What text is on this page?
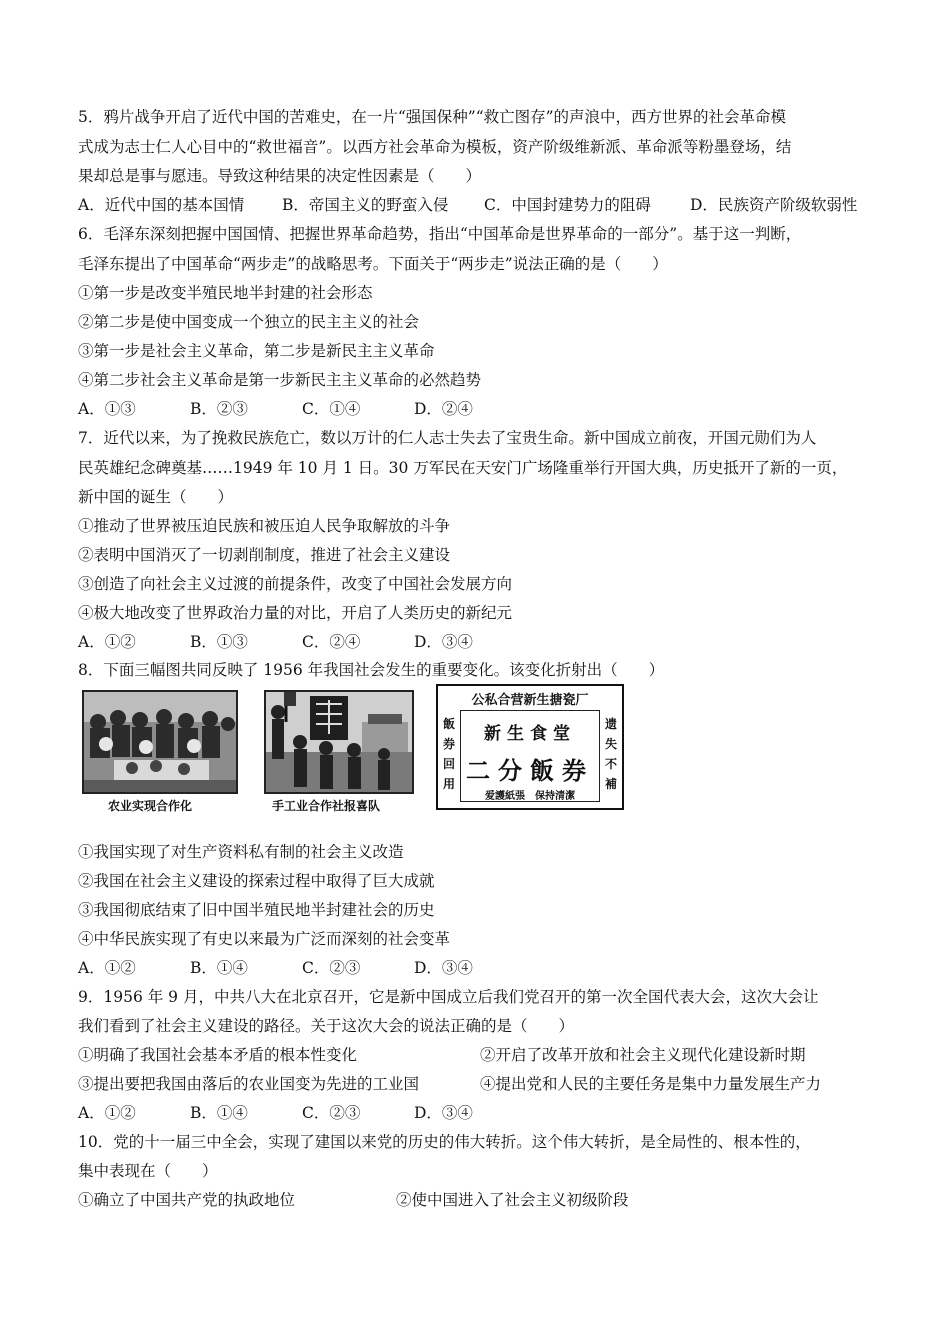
5．鸦片战争开启了近代中国的苦难史，在一片“强国保种”“救亡图存”的声浪中，西方世界的社会革命模
式成为志士仁人心目中的“救世福音”。以西方社会革命为模板，资产阶级维新派、革命派等粉墨登场，结
果却总是事与愿违。导致这种结果的决定性因素是（　　）
A．近代中国的基本国情 B．帝国主义的野蛮入侵 C．中国封建势力的阻碍	D．民族资产阶级软弱性
6．毛泽东深刻把握中国国情、把握世界革命趋势，指出“中国革命是世界革命的一部分”。基于这一判断，
毛泽东提出了中国革命“两步走”的战略思考。下面关于“两步走”说法正确的是（　　）
①第一步是改变半殖民地半封建的社会形态
②第二步是使中国变成一个独立的民主主义的社会
③第一步是社会主义革命，第二步是新民主主义革命
④第二步社会主义革命是第一步新民主主义革命的必然趋势
A．①③	B．②③	C．①④	D．②④
7．近代以来，为了挽救民族危亡，数以万计的仁人志士失去了宝贵生命。新中国成立前夜，开国元勋们为人
民英雄纪念碑奠基……1949 年 10 月 1 日。30 万军民在天安门广场隆重举行开国大典，历史抵开了新的一页，
新中国的诞生（　　）
①推动了世界被压迫民族和被压迫人民争取解放的斗争
②表明中国消灭了一切剥削制度，推进了社会主义建设
③创造了向社会主义过渡的前提条件，改变了中国社会发展方向
④极大地改变了世界政治力量的对比，开启了人类历史的新纪元
A．①②	B．①③	C．②④	D．③④
8．下面三幅图共同反映了 1956 年我国社会发生的重要变化。该变化折射出（　　）
农业实现合作化	手工业合作社报喜队
公私合营新生搪瓷厂
飯券回用
遗失不補
新生食堂
二分飯券
爱護紙張　保持清潔
①我国实现了对生产资料私有制的社会主义改造
②我国在社会主义建设的探索过程中取得了巨大成就
③我国彻底结束了旧中国半殖民地半封建社会的历史
④中华民族实现了有史以来最为广泛而深刻的社会变革
A．①②	B．①④	C．②③	D．③④
9．1956 年 9 月，中共八大在北京召开，它是新中国成立后我们党召开的第一次全国代表大会，这次大会让
我们看到了社会主义建设的路径。关于这次大会的说法正确的是（　　）
①明确了我国社会基本矛盾的根本性变化	②开启了改革开放和社会主义现代化建设新时期
③提出要把我国由落后的农业国变为先进的工业国	④提出党和人民的主要任务是集中力量发展生产力
A．①②	B．①④	C．②③	D．③④
10．党的十一届三中全会，实现了建国以来党的历史的伟大转折。这个伟大转折，是全局性的、根本性的，
集中表现在（　　）
①确立了中国共产党的执政地位	②使中国进入了社会主义初级阶段
